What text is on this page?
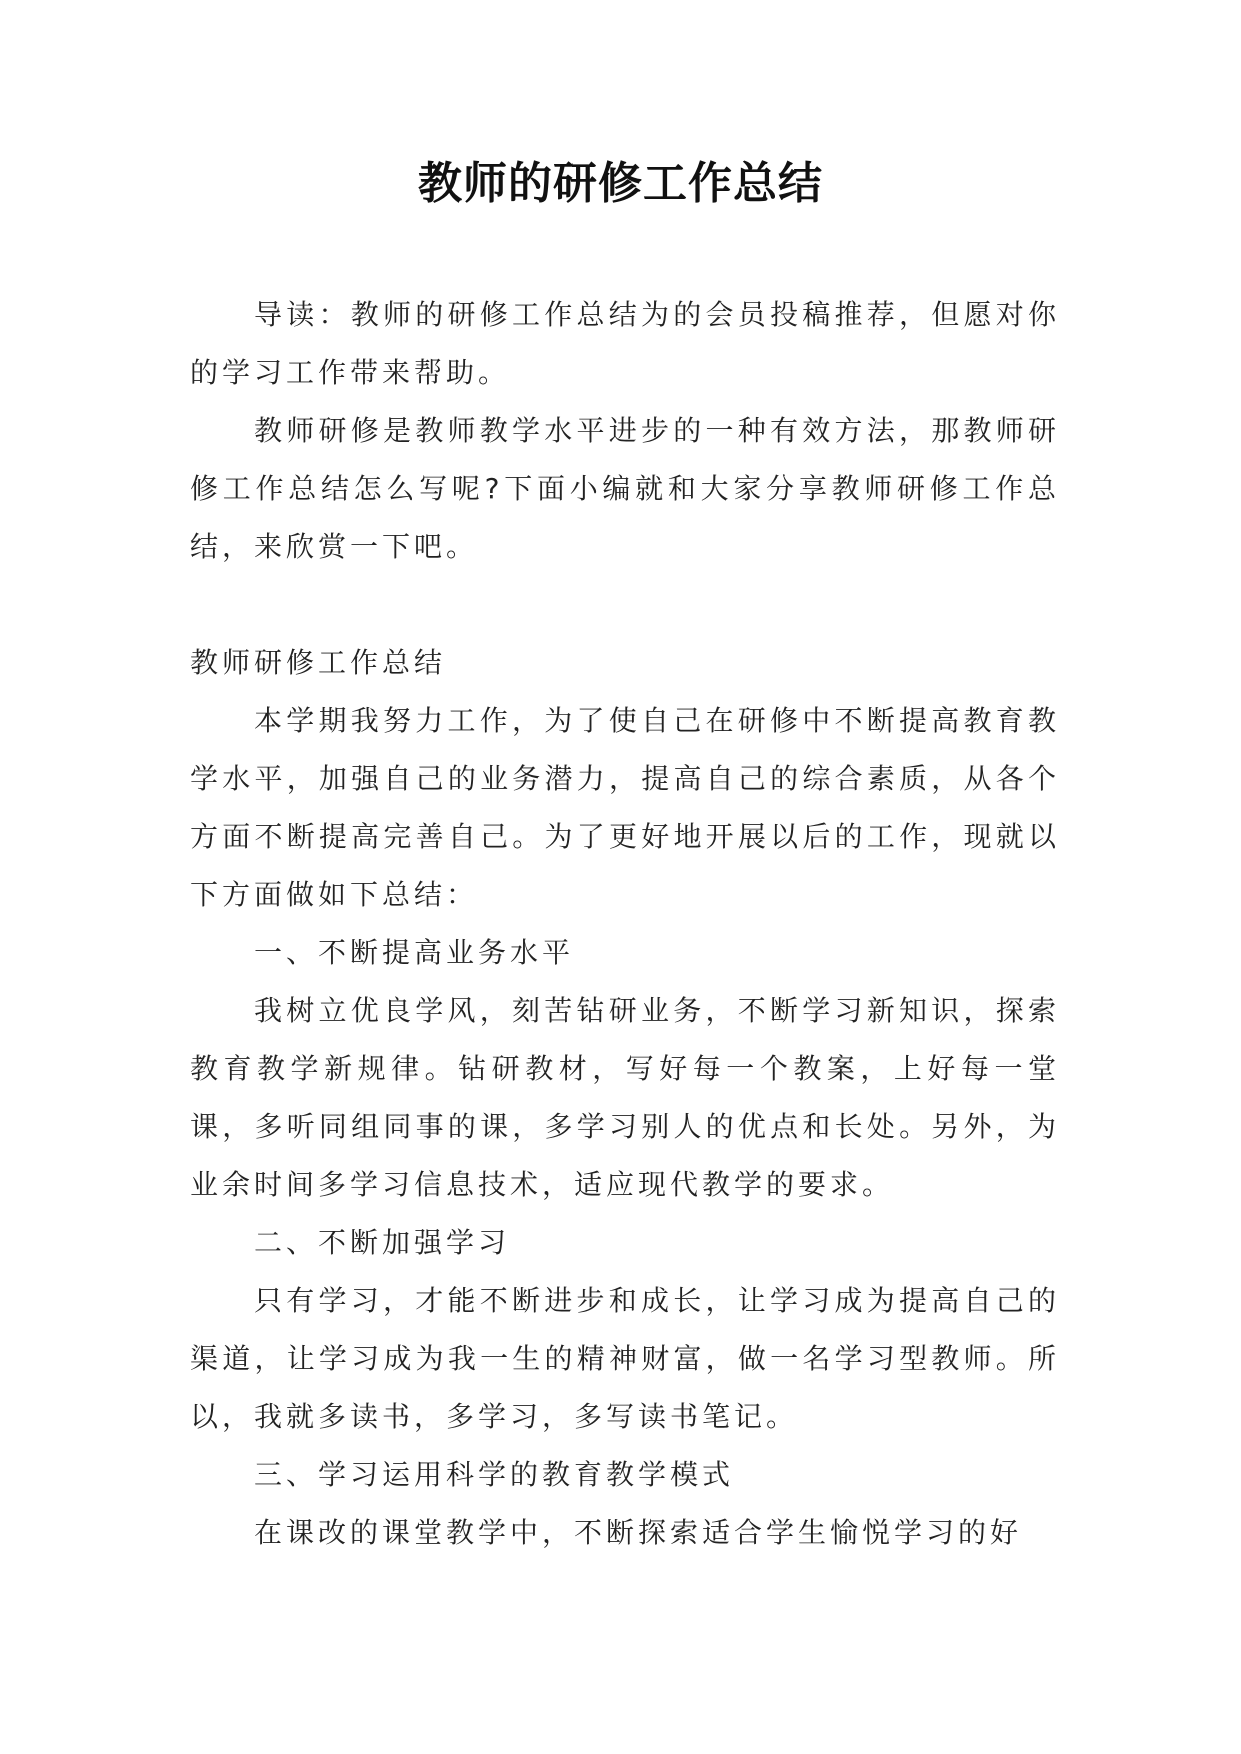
教师的研修工作总结

导读：教师的研修工作总结为的会员投稿推荐，但愿对你的学习工作带来帮助。

教师研修是教师教学水平进步的一种有效方法，那教师研修工作总结怎么写呢?下面小编就和大家分享教师研修工作总结，来欣赏一下吧。

教师研修工作总结

本学期我努力工作，为了使自己在研修中不断提高教育教学水平，加强自己的业务潜力，提高自己的综合素质，从各个方面不断提高完善自己。为了更好地开展以后的工作，现就以下方面做如下总结：

一、不断提高业务水平

我树立优良学风，刻苦钻研业务，不断学习新知识，探索教育教学新规律。钻研教材，写好每一个教案，上好每一堂课，多听同组同事的课，多学习别人的优点和长处。另外，为业余时间多学习信息技术，适应现代教学的要求。

二、不断加强学习

只有学习，才能不断进步和成长，让学习成为提高自己的渠道，让学习成为我一生的精神财富，做一名学习型教师。所以，我就多读书，多学习，多写读书笔记。

三、学习运用科学的教育教学模式

在课改的课堂教学中，不断探索适合学生愉悦学习的好
